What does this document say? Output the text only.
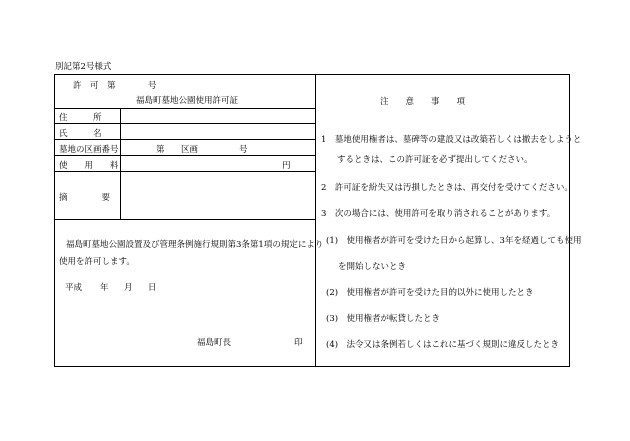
別記第2号様式
許　可　第	号
福島町墓地公園使用許可証
住　　　所
氏　　　名
墓地の区画番号	第 区画	号
使　　用　　料	円
摘　　　　要
福島町墓地公園設置及び管理条例施行規則第3条第1項の規定により
使用を許可します。
平成 年 月 日
福島町長	印
注　　意　　事　　項
1　墓地使用権者は、墓碑等の建設又は改築若しくは撤去をしようと
するときは、この許可証を必ず提出してください。
2　許可証を紛失又は汚損したときは、再交付を受けてください。
3　次の場合には、使用許可を取り消されることがあります。
(1)　使用権者が許可を受けた日から起算し、3年を経過しても使用
を開始しないとき
(2)　使用権者が許可を受けた目的以外に使用したとき
(3)　使用権者が転貸したとき
(4)　法令又は条例若しくはこれに基づく規則に違反したとき
